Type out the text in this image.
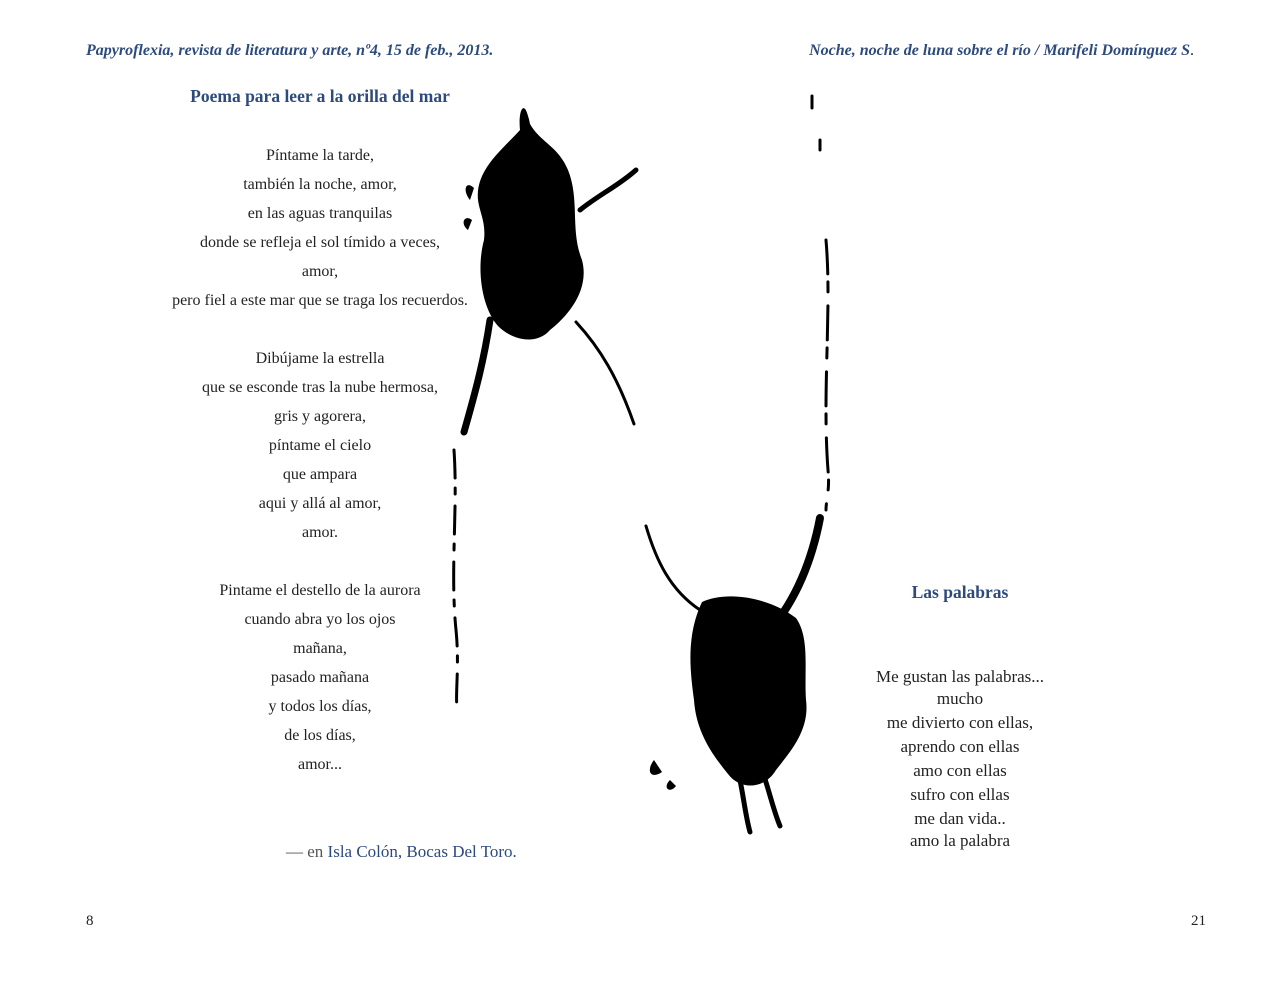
Papyroflexia, revista de literatura y arte, nº4, 15 de feb., 2013.	Noche, noche de luna sobre el río / Marifeli Domínguez S.
Poema para leer a la orilla del mar
Píntame la tarde,
también la noche, amor,
en las aguas tranquilas
donde se refleja el sol tímido a veces,
amor,
pero fiel a este mar que se traga los recuerdos.
Dibújame la estrella
que se esconde tras la nube hermosa,
gris y agorera,
píntame el cielo
que ampara
aqui y allá al amor,
amor.
Pintame el destello de la aurora
cuando abra yo los ojos
mañana,
pasado mañana
y todos los días,
de los días,
amor...
— en Isla Colón, Bocas Del Toro.
Las palabras
Me gustan las palabras...
mucho
me divierto con ellas,
aprendo con ellas
amo con ellas
sufro con ellas
me dan vida..
amo la palabra
8	21
